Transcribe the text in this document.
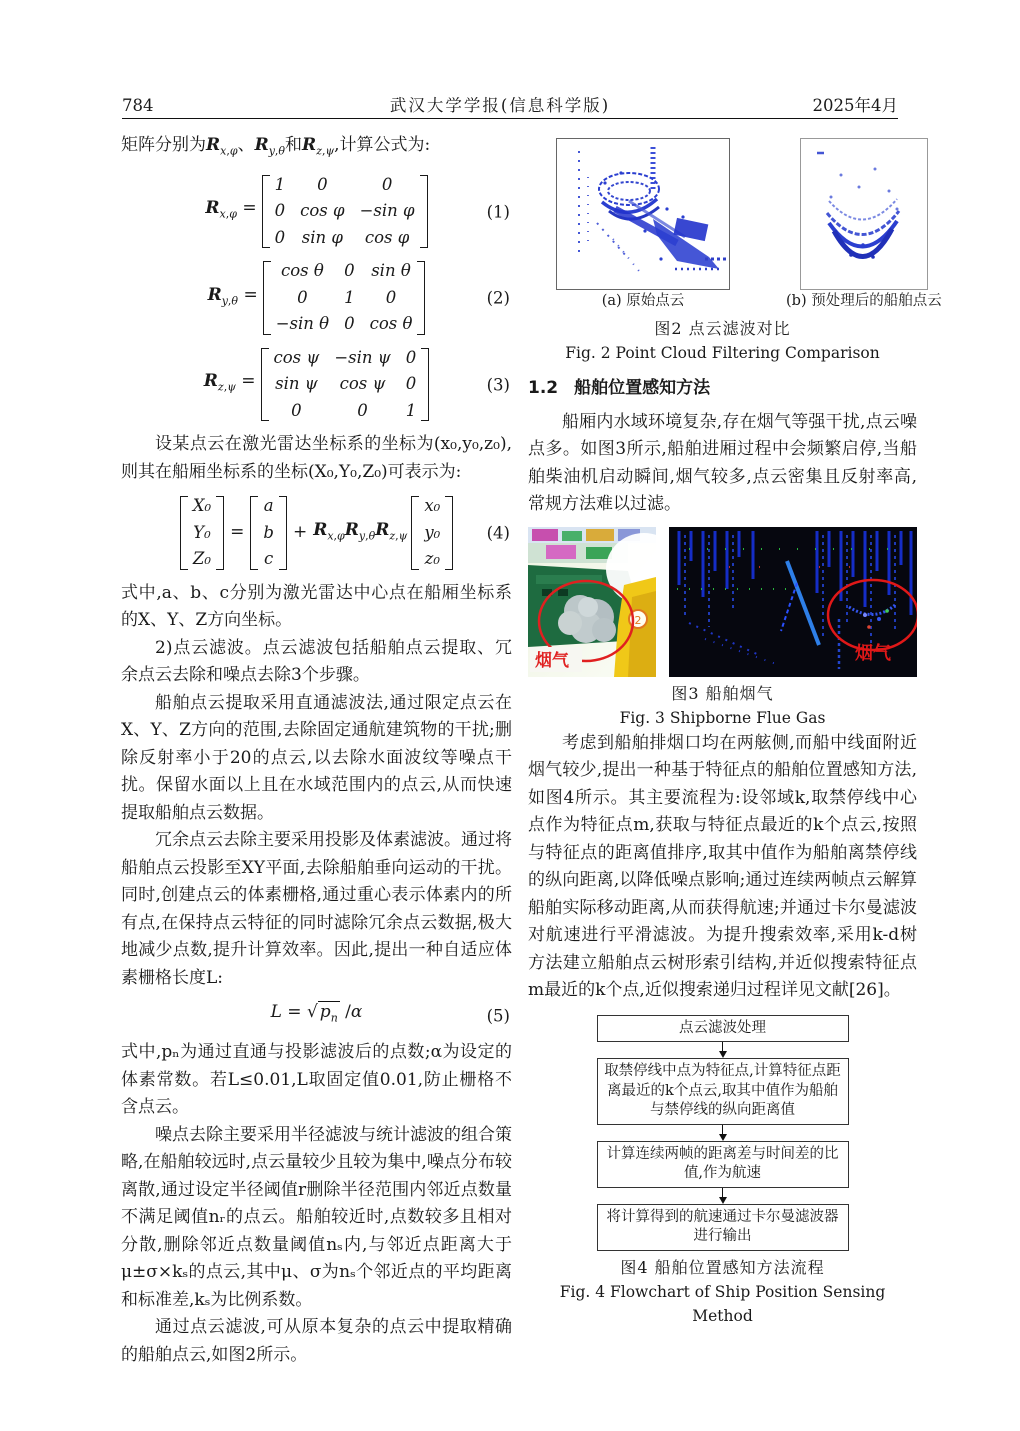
784	武汉大学学报(信息科学版)	2025年4月

矩阵分别为$R_{x,\varphi}$、$R_{y,\theta}$和$R_{z,\psi}$,计算公式为:

$R_{x,\varphi}$ =
1 0	0
0 cos φ −sin φ
0 sin φ cos φ
(1)
$R_{y,\theta}$ =
cos θ 0 sin θ
0 1 0
−sin θ 0 cos θ
(2)
$R_{z,\psi}$ =
cos ψ −sin ψ 0
sin ψ cos ψ 0
0	0 1
(3)

设某点云在激光雷达坐标系的坐标为(x₀,y₀,z₀),则其在船厢坐标系的坐标(X₀,Y₀,Z₀)可表示为:

X₀
Y₀
Z₀
=
a
b
c
+ $R_{x,\varphi}R_{y,\theta}R_{z,\psi}$
x₀
y₀
z₀
(4)

式中,a、b、c分别为激光雷达中心点在船厢坐标系的X、Y、Z方向坐标。

2)点云滤波。点云滤波包括船舶点云提取、冗余点云去除和噪点去除3个步骤。

船舶点云提取采用直通滤波法,通过限定点云在X、Y、Z方向的范围,去除固定通航建筑物的干扰;删除反射率小于20的点云,以去除水面波纹等噪点干扰。保留水面以上且在水域范围内的点云,从而快速提取船舶点云数据。

冗余点云去除主要采用投影及体素滤波。通过将船舶点云投影至XY平面,去除船舶垂向运动的干扰。同时,创建点云的体素栅格,通过重心表示体素内的所有点,在保持点云特征的同时滤除冗余点云数据,极大地减少点数,提升计算效率。因此,提出一种自适应体素栅格长度L:

L = √ $p_n$ /α	(5)

式中,pₙ为通过直通与投影滤波后的点数;α为设定的体素常数。若L≤0.01,L取固定值0.01,防止栅格不含点云。

噪点去除主要采用半径滤波与统计滤波的组合策略,在船舶较远时,点云量较少且较为集中,噪点分布较离散,通过设定半径阈值r删除半径范围内邻近点数量不满足阈值nᵣ的点云。船舶较近时,点数较多且相对分散,删除邻近点数量阈值nₛ内,与邻近点距离大于μ±σ×kₛ的点云,其中μ、σ为nₛ个邻近点的平均距离和标准差,kₛ为比例系数。

通过点云滤波,可从原本复杂的点云中提取精确的船舶点云,如图2所示。

(a) 原始点云	(b) 预处理后的船舶点云
图2 点云滤波对比
Fig. 2 Point Cloud Filtering Comparison
1.2 船舶位置感知方法

船厢内水域环境复杂,存在烟气等强干扰,点云噪点多。如图3所示,船舶进厢过程中会频繁启停,当船舶柴油机启动瞬间,烟气较多,点云密集且反射率高,常规方法难以过滤。

2
烟气	烟气
图3 船舶烟气
Fig. 3 Shipborne Flue Gas

考虑到船舶排烟口均在两舷侧,而船中线面附近烟气较少,提出一种基于特征点的船舶位置感知方法,如图4所示。其主要流程为:设邻域k,取禁停线中心点作为特征点m,获取与特征点最近的k个点云,按照与特征点的距离值排序,取其中值作为船舶离禁停线的纵向距离,以降低噪点影响;通过连续两帧点云解算船舶实际移动距离,从而获得航速;并通过卡尔曼滤波对航速进行平滑滤波。为提升搜索效率,采用k-d树方法建立船舶点云树形索引结构,并近似搜索特征点m最近的k个点,近似搜索递归过程详见文献[26]。

点云滤波处理
取禁停线中点为特征点,计算特征点距离最近的k个点云,取其中值作为船舶与禁停线的纵向距离值
计算连续两帧的距离差与时间差的比值,作为航速
将计算得到的航速通过卡尔曼滤波器进行输出
图4 船舶位置感知方法流程
Fig. 4 Flowchart of Ship Position Sensing Method
